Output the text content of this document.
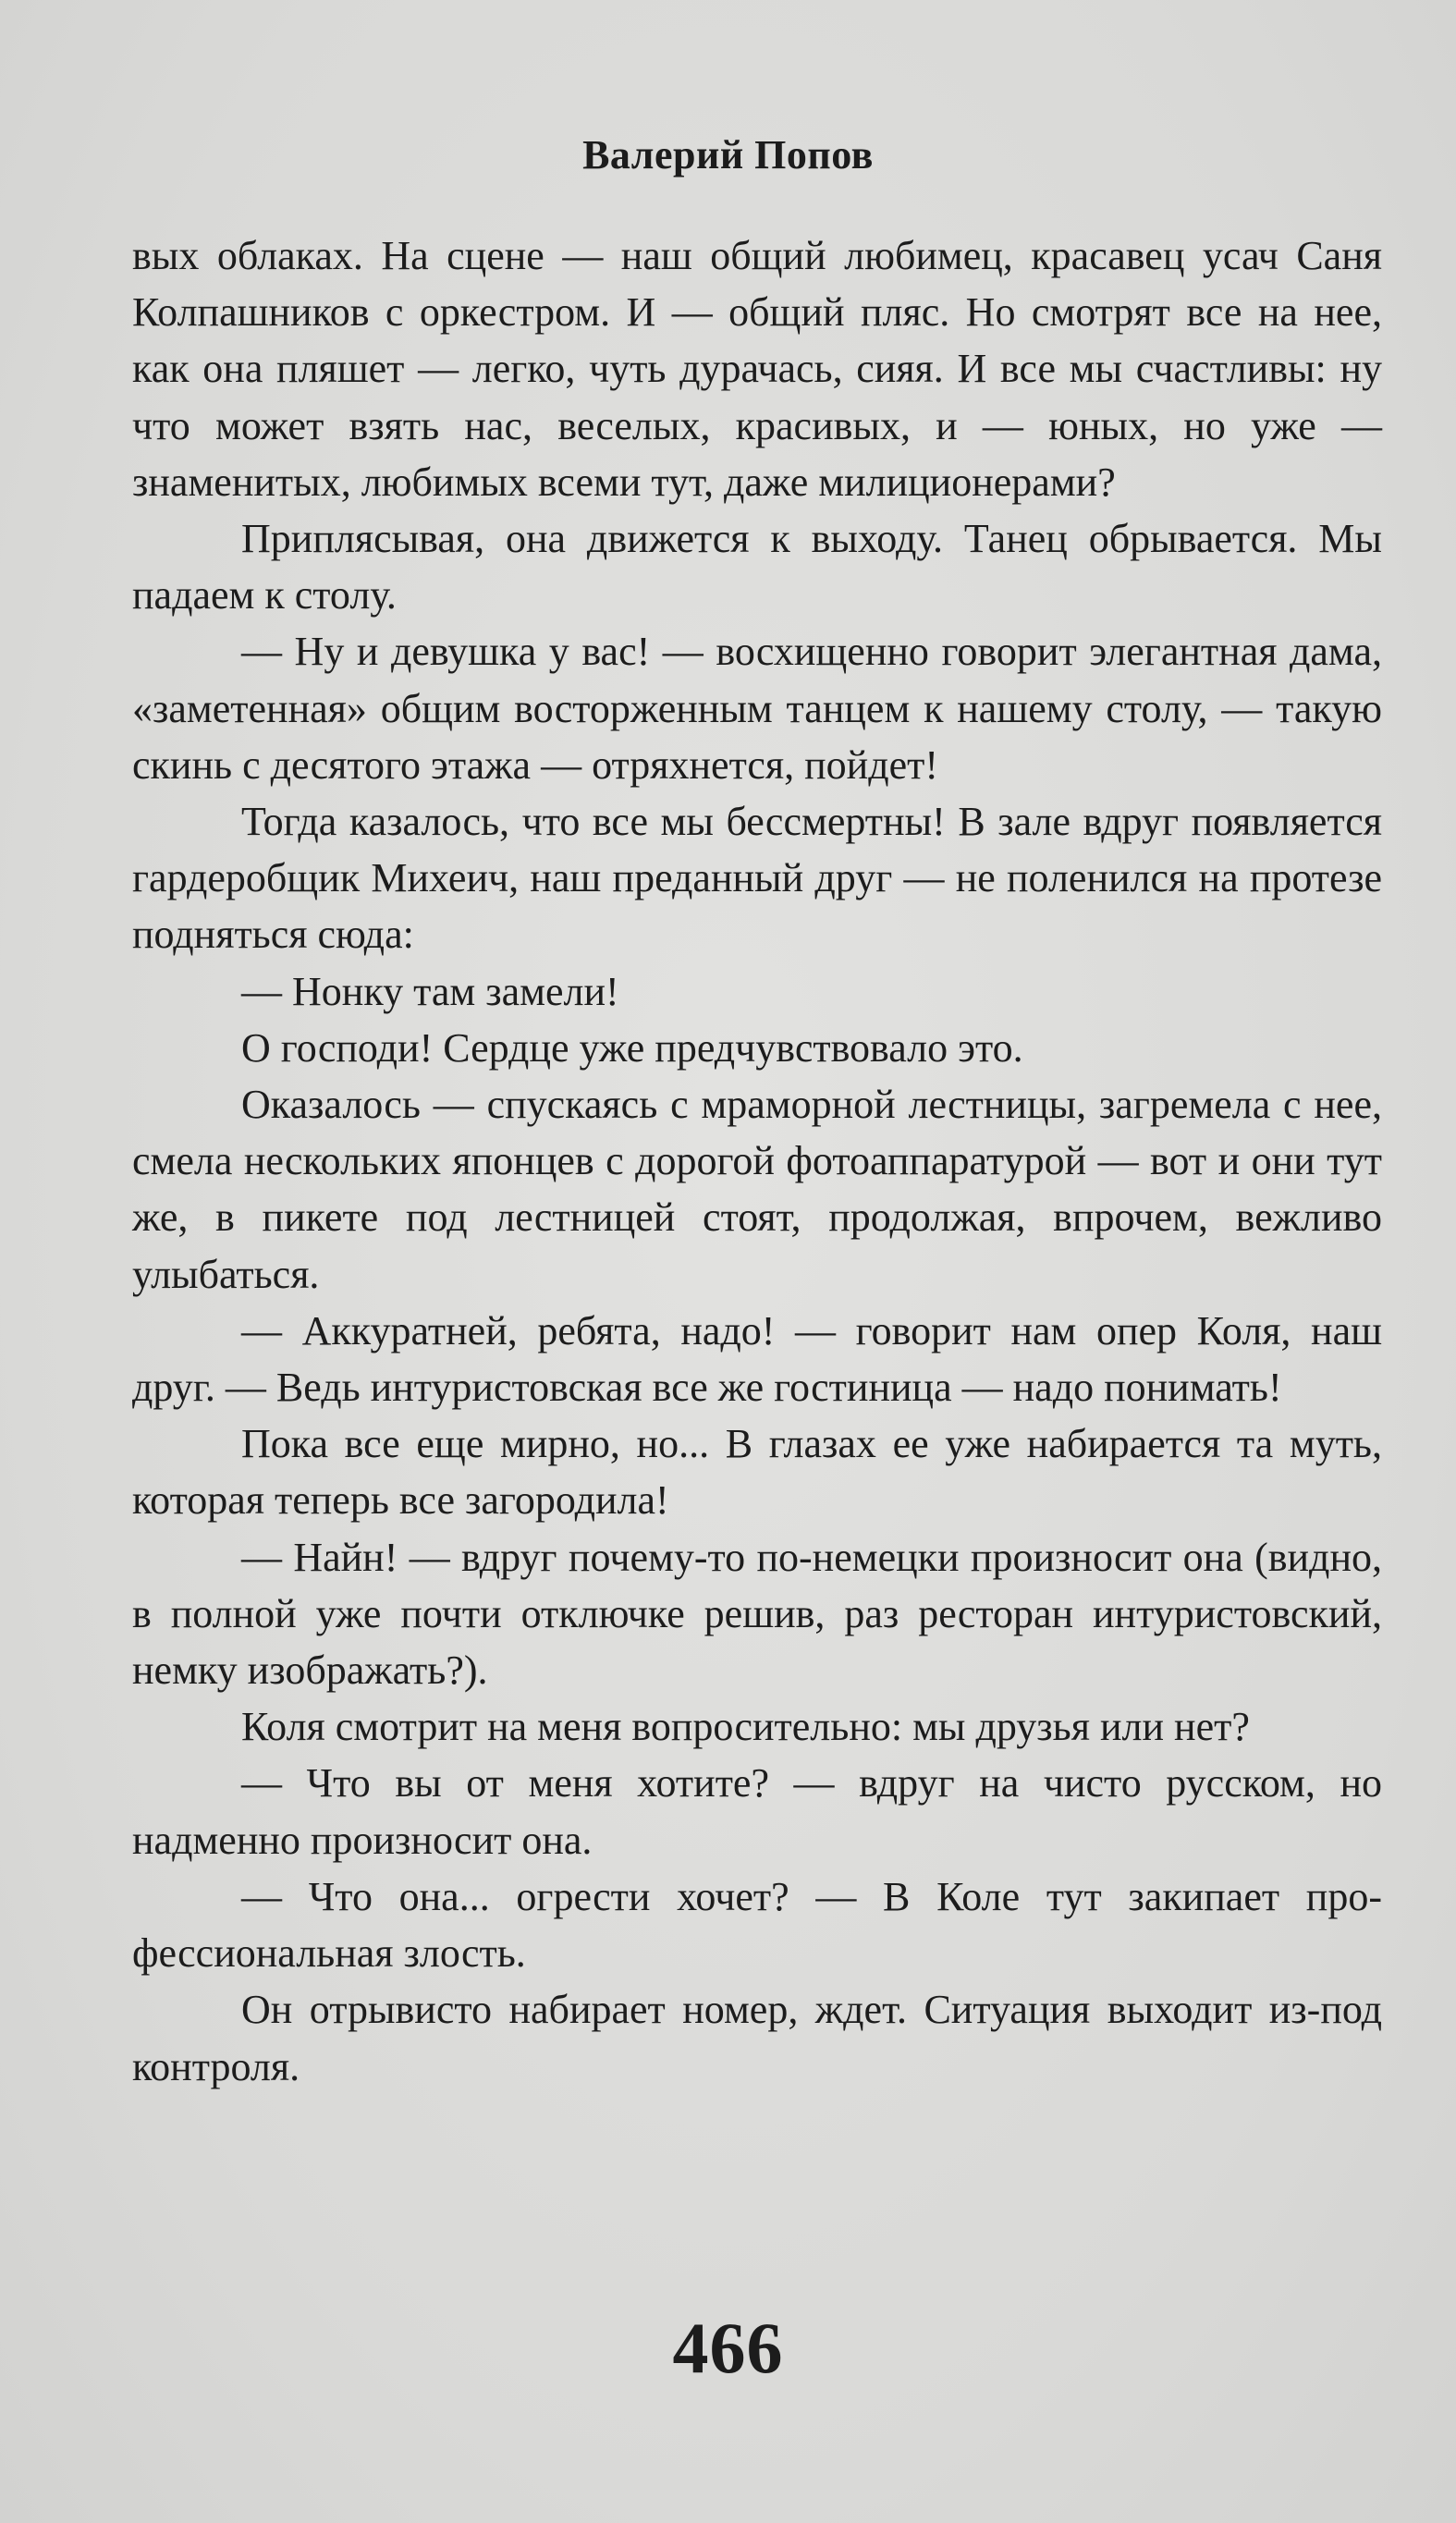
Валерий Попов

вых облаках. На сцене — наш общий любимец, красавец усач Саня Колпашников с оркестром. И — общий пляс. Но смотрят все на нее, как она пляшет — легко, чуть дурачась, сияя. И все мы счастливы: ну что может взять нас, веселых, красивых, и — юных, но уже — знаменитых, любимых всеми тут, даже милиционерами?

Приплясывая, она движется к выходу. Танец обрывается. Мы падаем к столу.

— Ну и девушка у вас! — восхищенно говорит элегантная дама, «заметенная» общим восторженным танцем к нашему столу, — такую скинь с десятого этажа — отряхнется, пойдет!

Тогда казалось, что все мы бессмертны! В зале вдруг появляется гардеробщик Михеич, наш преданный друг — не поленился на протезе подняться сюда:

— Нонку там замели!

О господи! Сердце уже предчувствовало это.

Оказалось — спускаясь с мраморной лестницы, загремела с нее, смела нескольких японцев с дорогой фотоаппаратурой — вот и они тут же, в пикете под лестницей стоят, продолжая, впрочем, вежливо улыбаться.

— Аккуратней, ребята, надо! — говорит нам опер Коля, наш друг. — Ведь интуристовская все же гостиница — надо понимать!

Пока все еще мирно, но... В глазах ее уже набирается та муть, которая теперь все загородила!

— Найн! — вдруг почему-то по-немецки произносит она (видно, в полной уже почти отключке решив, раз ресторан интуристовский, немку изображать?).

Коля смотрит на меня вопросительно: мы друзья или нет?

— Что вы от меня хотите? — вдруг на чисто русском, но надменно произносит она.

— Что она... огрести хочет? — В Коле тут закипает профессиональная злость.

Он отрывисто набирает номер, ждет. Ситуация выходит из-под контроля.

466
